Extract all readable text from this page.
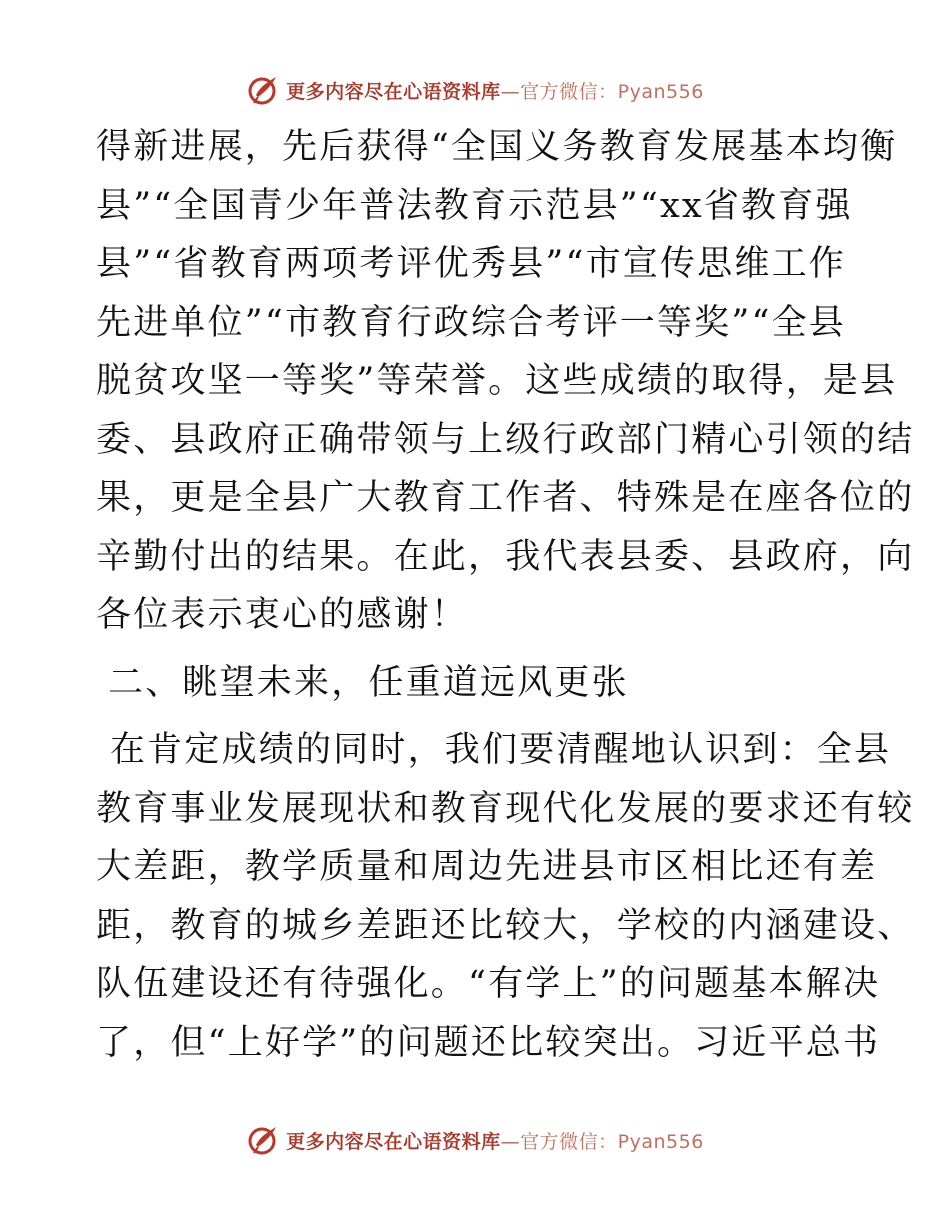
更多内容尽在心语资料库—官方微信：Pyan556
得新进展，先后获得“全国义务教育发展基本均衡
县”“全国青少年普法教育示范县”“xx省教育强
县”“省教育两项考评优秀县”“市宣传思维工作
先进单位”“市教育行政综合考评一等奖”“全县
脱贫攻坚一等奖”等荣誉。这些成绩的取得，是县
委、县政府正确带领与上级行政部门精心引领的结
果，更是全县广大教育工作者、特殊是在座各位的
辛勤付出的结果。在此，我代表县委、县政府，向
各位表示衷心的感谢！
二、眺望未来，任重道远风更张
在肯定成绩的同时，我们要清醒地认识到：全县
教育事业发展现状和教育现代化发展的要求还有较
大差距，教学质量和周边先进县市区相比还有差
距，教育的城乡差距还比较大，学校的内涵建设、
队伍建设还有待强化。“有学上”的问题基本解决
了，但“上好学”的问题还比较突出。习近平总书
更多内容尽在心语资料库—官方微信：Pyan556
